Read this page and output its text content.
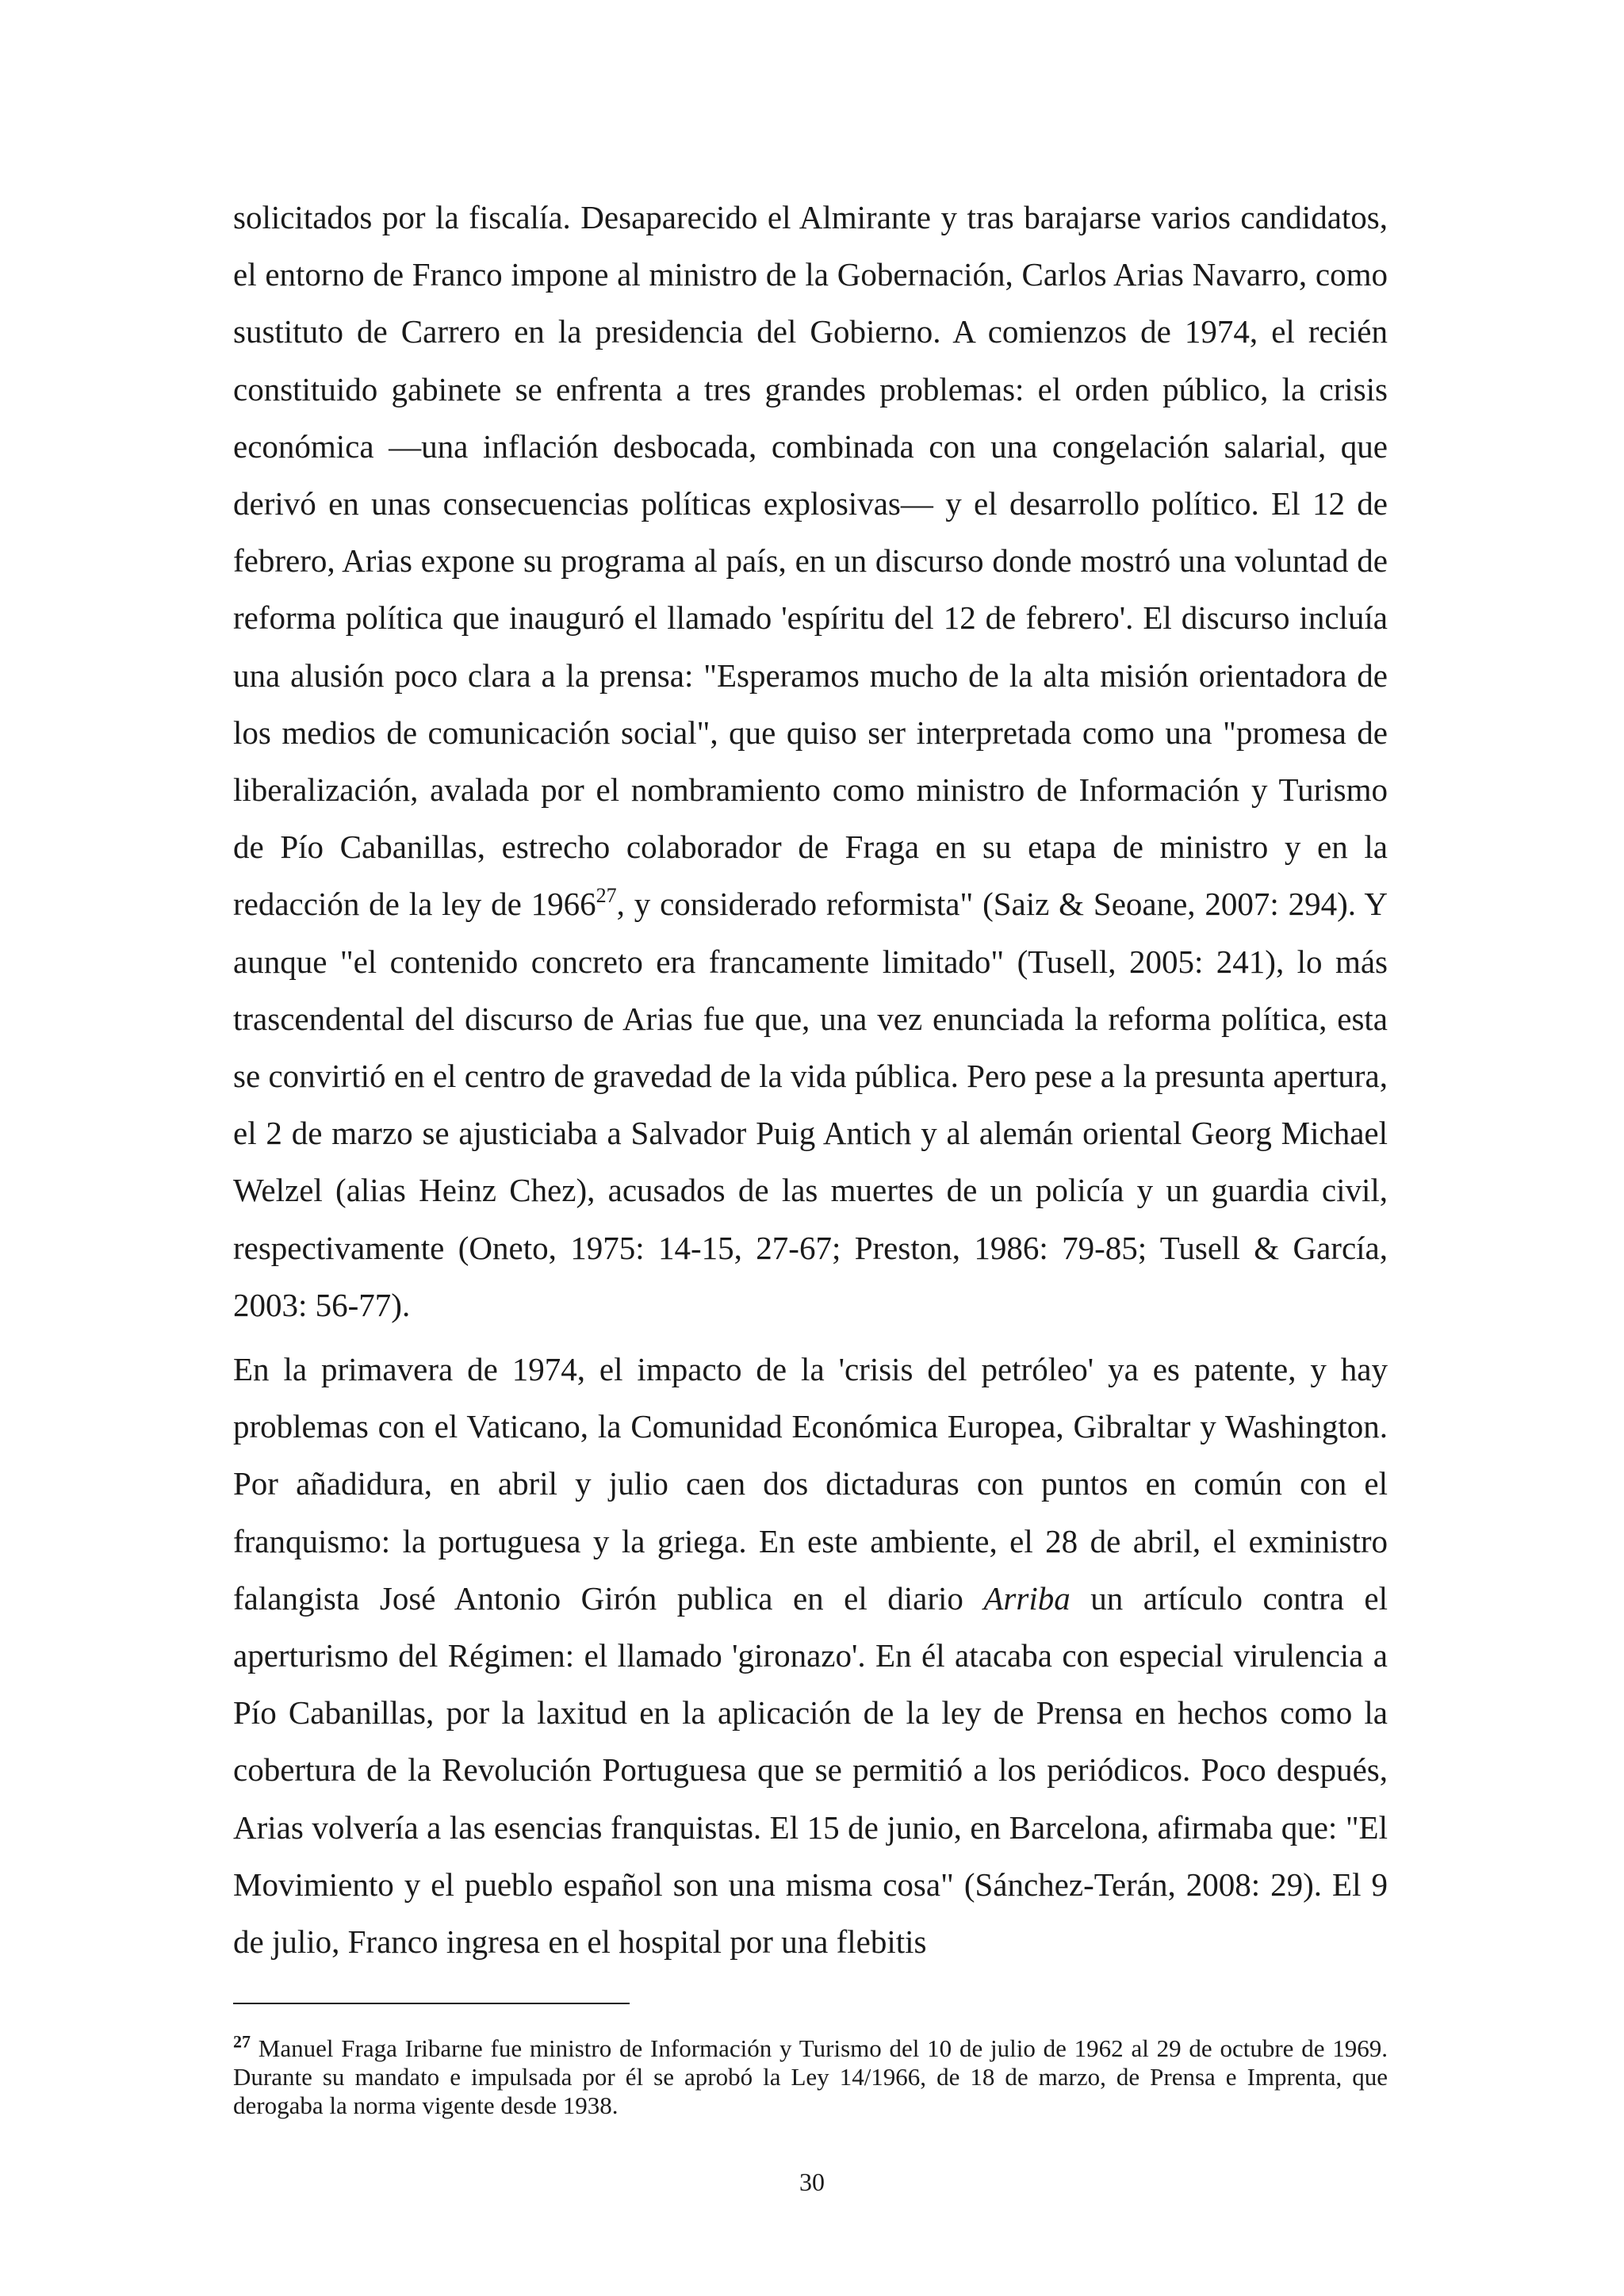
solicitados por la fiscalía. Desaparecido el Almirante y tras barajarse varios candidatos, el entorno de Franco impone al ministro de la Gobernación, Carlos Arias Navarro, como sustituto de Carrero en la presidencia del Gobierno. A comienzos de 1974, el recién constituido gabinete se enfrenta a tres grandes problemas: el orden público, la crisis económica —una inflación desbocada, combinada con una congelación salarial, que derivó en unas consecuencias políticas explosivas— y el desarrollo político. El 12 de febrero, Arias expone su programa al país, en un discurso donde mostró una voluntad de reforma política que inauguró el llamado 'espíritu del 12 de febrero'. El discurso incluía una alusión poco clara a la prensa: "Esperamos mucho de la alta misión orientadora de los medios de comunicación social", que quiso ser interpretada como una "promesa de liberalización, avalada por el nombramiento como ministro de Información y Turismo de Pío Cabanillas, estrecho colaborador de Fraga en su etapa de ministro y en la redacción de la ley de 1966$^{27}$, y considerado reformista" (Saiz & Seoane, 2007: 294). Y aunque "el contenido concreto era francamente limitado" (Tusell, 2005: 241), lo más trascendental del discurso de Arias fue que, una vez enunciada la reforma política, esta se convirtió en el centro de gravedad de la vida pública. Pero pese a la presunta apertura, el 2 de marzo se ajusticiaba a Salvador Puig Antich y al alemán oriental Georg Michael Welzel (alias Heinz Chez), acusados de las muertes de un policía y un guardia civil, respectivamente (Oneto, 1975: 14-15, 27-67; Preston, 1986: 79-85; Tusell & García, 2003: 56-77).

En la primavera de 1974, el impacto de la 'crisis del petróleo' ya es patente, y hay problemas con el Vaticano, la Comunidad Económica Europea, Gibraltar y Washington. Por añadidura, en abril y julio caen dos dictaduras con puntos en común con el franquismo: la portuguesa y la griega. En este ambiente, el 28 de abril, el exministro falangista José Antonio Girón publica en el diario Arriba un artículo contra el aperturismo del Régimen: el llamado 'gironazo'. En él atacaba con especial virulencia a Pío Cabanillas, por la laxitud en la aplicación de la ley de Prensa en hechos como la cobertura de la Revolución Portuguesa que se permitió a los periódicos. Poco después, Arias volvería a las esencias franquistas. El 15 de junio, en Barcelona, afirmaba que: "El Movimiento y el pueblo español son una misma cosa" (Sánchez-Terán, 2008: 29). El 9 de julio, Franco ingresa en el hospital por una flebitis

$^{27}$ Manuel Fraga Iribarne fue ministro de Información y Turismo del 10 de julio de 1962 al 29 de octubre de 1969. Durante su mandato e impulsada por él se aprobó la Ley 14/1966, de 18 de marzo, de Prensa e Imprenta, que derogaba la norma vigente desde 1938.
30
